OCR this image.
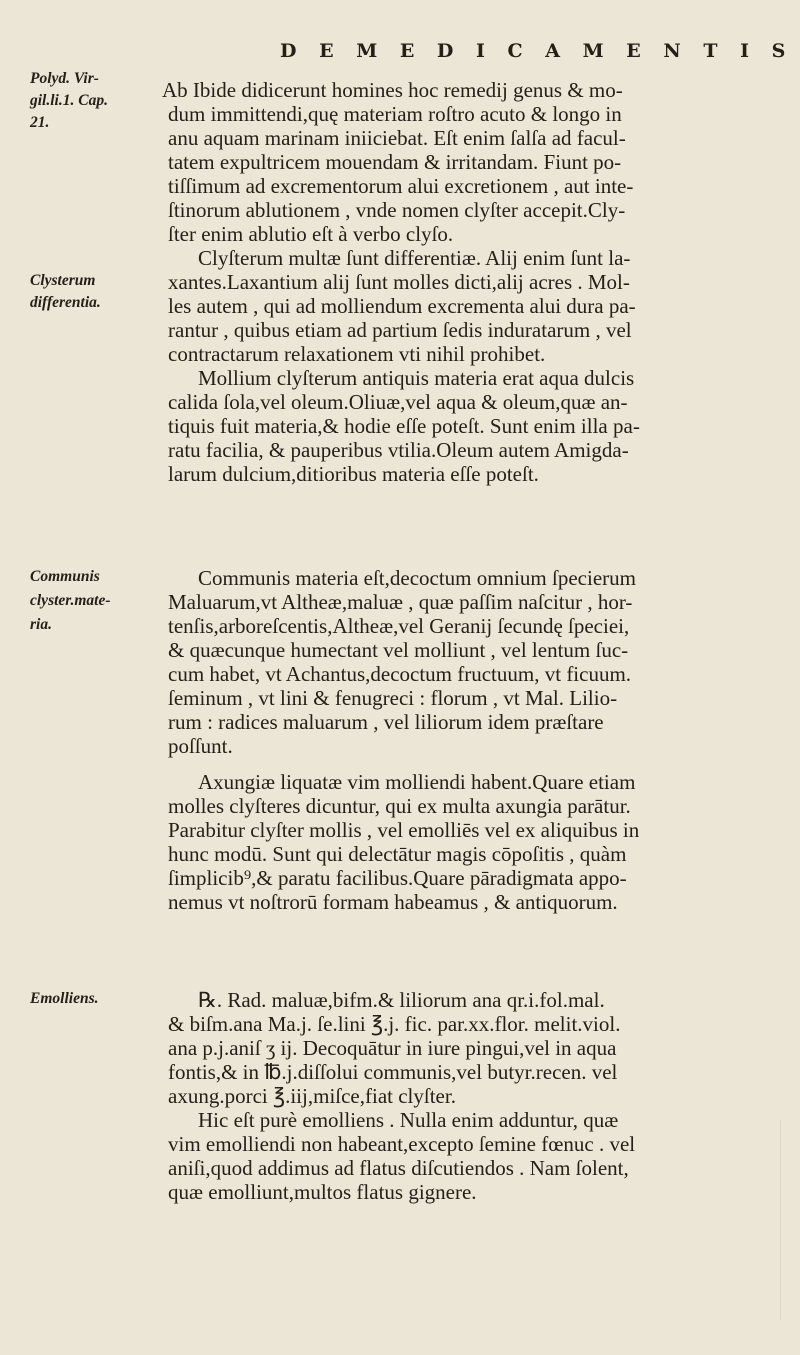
D E M E D I C A M E N T I S
Polyd. Vir-
gil.li.1. Cap.
21.
Clysterum
differentia.
Communis
clyster.mate-
ria.
Emolliens.
Ab Ibide didicerunt homines hoc remedij genus & mo-
dum immittendi,quę materiam roſtro acuto & longo in
anu aquam marinam iniiciebat. Eſt enim ſalſa ad facul-
tatem expultricem mouendam & irritandam. Fiunt po-
tiſſimum ad excrementorum alui excretionem , aut inte-
ſtinorum ablutionem , vnde nomen clyſter accepit.Cly-
ſter enim ablutio eſt à verbo clyſo.
Clyſterum multæ ſunt differentiæ. Alij enim ſunt la-
xantes.Laxantium alij ſunt molles dicti,alij acres . Mol-
les autem , qui ad molliendum excrementa alui dura pa-
rantur , quibus etiam ad partium ſedis induratarum , vel
contractarum relaxationem vti nihil prohibet.
Mollium clyſterum antiquis materia erat aqua dulcis
calida ſola,vel oleum.Oliuæ,vel aqua & oleum,quæ an-
tiquis fuit materia,& hodie eſſe poteſt. Sunt enim illa pa-
ratu facilia, & pauperibus vtilia.Oleum autem Amigda-
larum dulcium,ditioribus materia eſſe poteſt.
Communis materia eſt,decoctum omnium ſpecierum
Maluarum,vt Altheæ,maluæ , quæ paſſim naſcitur , hor-
tenſis,arboreſcentis,Altheæ,vel Geranij ſecundę ſpeciei,
& quæcunque humectant vel molliunt , vel lentum ſuc-
cum habet, vt Achantus,decoctum fructuum, vt ficuum.
ſeminum , vt lini & fenugreci : florum , vt Mal. Lilio-
rum : radices maluarum , vel liliorum idem præſtare
poſſunt.
Axungiæ liquatæ vim molliendi habent.Quare etiam
molles clyſteres dicuntur, qui ex multa axungia parātur.
Parabitur clyſter mollis , vel emolliēs vel ex aliquibus in
hunc modū. Sunt qui delectātur magis cōpoſitis , quàm
ſimplicib⁹,& paratu facilibus.Quare pāradigmata appo-
nemus vt noſtrorū formam habeamus , & antiquorum.
℞. Rad. maluæ,bifm.& liliorum ana qr.i.fol.mal.
& biſm.ana Ma.j. ſe.lini ℥.j. fic. par.xx.flor. melit.viol.
ana p.j.aniſ ʒ ij. Decoquātur in iure pingui,vel in aqua
fontis,& in ℔.j.diſſolui communis,vel butyr.recen. vel
axung.porci ℥.iij,miſce,fiat clyſter.
Hic eſt purè emolliens . Nulla enim adduntur, quæ
vim emolliendi non habeant,excepto ſemine fœnuc . vel
aniſi,quod addimus ad flatus diſcutiendos . Nam ſolent,
quæ emolliunt,multos flatus gignere.
